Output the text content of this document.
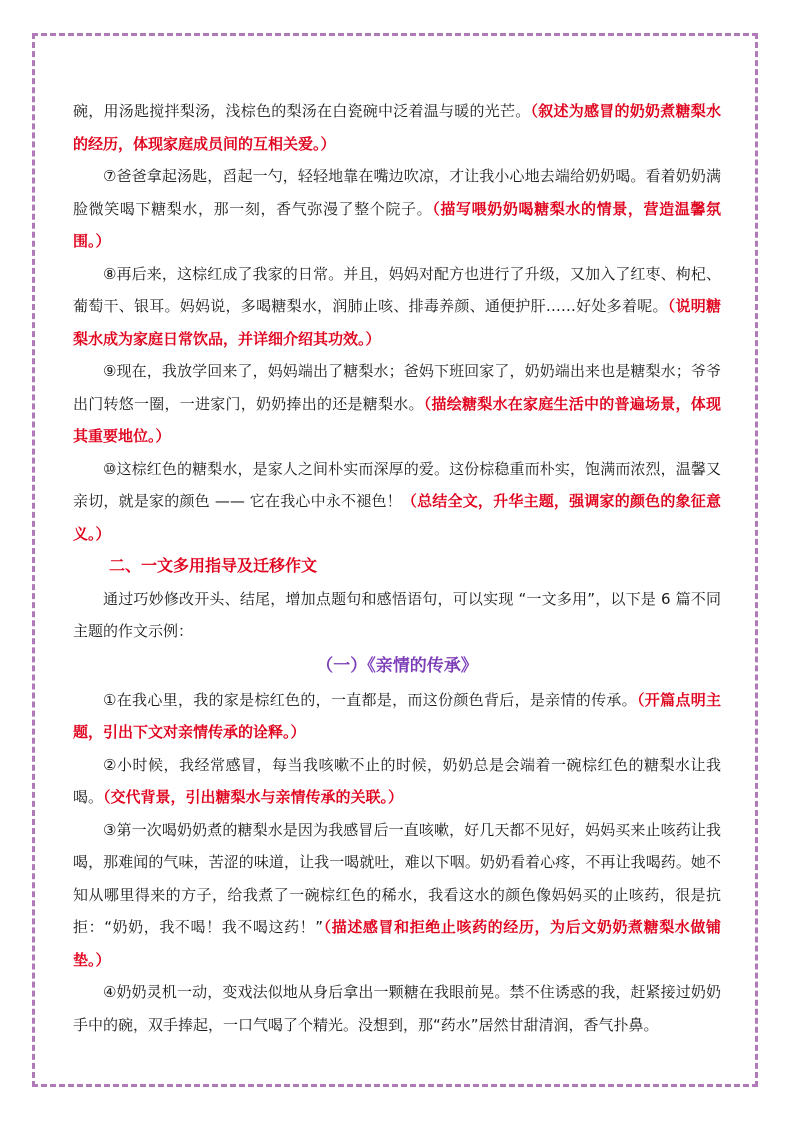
碗，用汤匙搅拌梨汤，浅棕色的梨汤在白瓷碗中泛着温与暖的光芒。（叙述为感冒的奶奶煮糖梨水的经历，体现家庭成员间的互相关爱。）

⑦爸爸拿起汤匙，舀起一勺，轻轻地靠在嘴边吹凉，才让我小心地去端给奶奶喝。看着奶奶满脸微笑喝下糖梨水，那一刻，香气弥漫了整个院子。（描写喂奶奶喝糖梨水的情景，营造温馨氛围。）

⑧再后来，这棕红成了我家的日常。并且，妈妈对配方也进行了升级，又加入了红枣、枸杞、葡萄干、银耳。妈妈说，多喝糖梨水，润肺止咳、排毒养颜、通便护肝……好处多着呢。（说明糖梨水成为家庭日常饮品，并详细介绍其功效。）

⑨现在，我放学回来了，妈妈端出了糖梨水；爸妈下班回家了，奶奶端出来也是糖梨水；爷爷出门转悠一圈，一进家门，奶奶捧出的还是糖梨水。（描绘糖梨水在家庭生活中的普遍场景，体现其重要地位。）

⑩这棕红色的糖梨水，是家人之间朴实而深厚的爱。这份棕稳重而朴实，饱满而浓烈，温馨又亲切，就是家的颜色 —— 它在我心中永不褪色！（总结全文，升华主题，强调家的颜色的象征意义。）

二、一文多用指导及迁移作文

通过巧妙修改开头、结尾，增加点题句和感悟语句，可以实现 “一文多用”，以下是 6 篇不同主题的作文示例：

（一）《亲情的传承》

①在我心里，我的家是棕红色的，一直都是，而这份颜色背后，是亲情的传承。（开篇点明主题，引出下文对亲情传承的诠释。）

②小时候，我经常感冒，每当我咳嗽不止的时候，奶奶总是会端着一碗棕红色的糖梨水让我喝。（交代背景，引出糖梨水与亲情传承的关联。）

③第一次喝奶奶煮的糖梨水是因为我感冒后一直咳嗽，好几天都不见好，妈妈买来止咳药让我喝，那难闻的气味，苦涩的味道，让我一喝就吐，难以下咽。奶奶看着心疼，不再让我喝药。她不知从哪里得来的方子，给我煮了一碗棕红色的稀水，我看这水的颜色像妈妈买的止咳药，很是抗拒：“奶奶，我不喝！我不喝这药！”（描述感冒和拒绝止咳药的经历，为后文奶奶煮糖梨水做铺垫。）

④奶奶灵机一动，变戏法似地从身后拿出一颗糖在我眼前晃。禁不住诱惑的我，赶紧接过奶奶手中的碗，双手捧起，一口气喝了个精光。没想到，那“药水”居然甘甜清润，香气扑鼻。
